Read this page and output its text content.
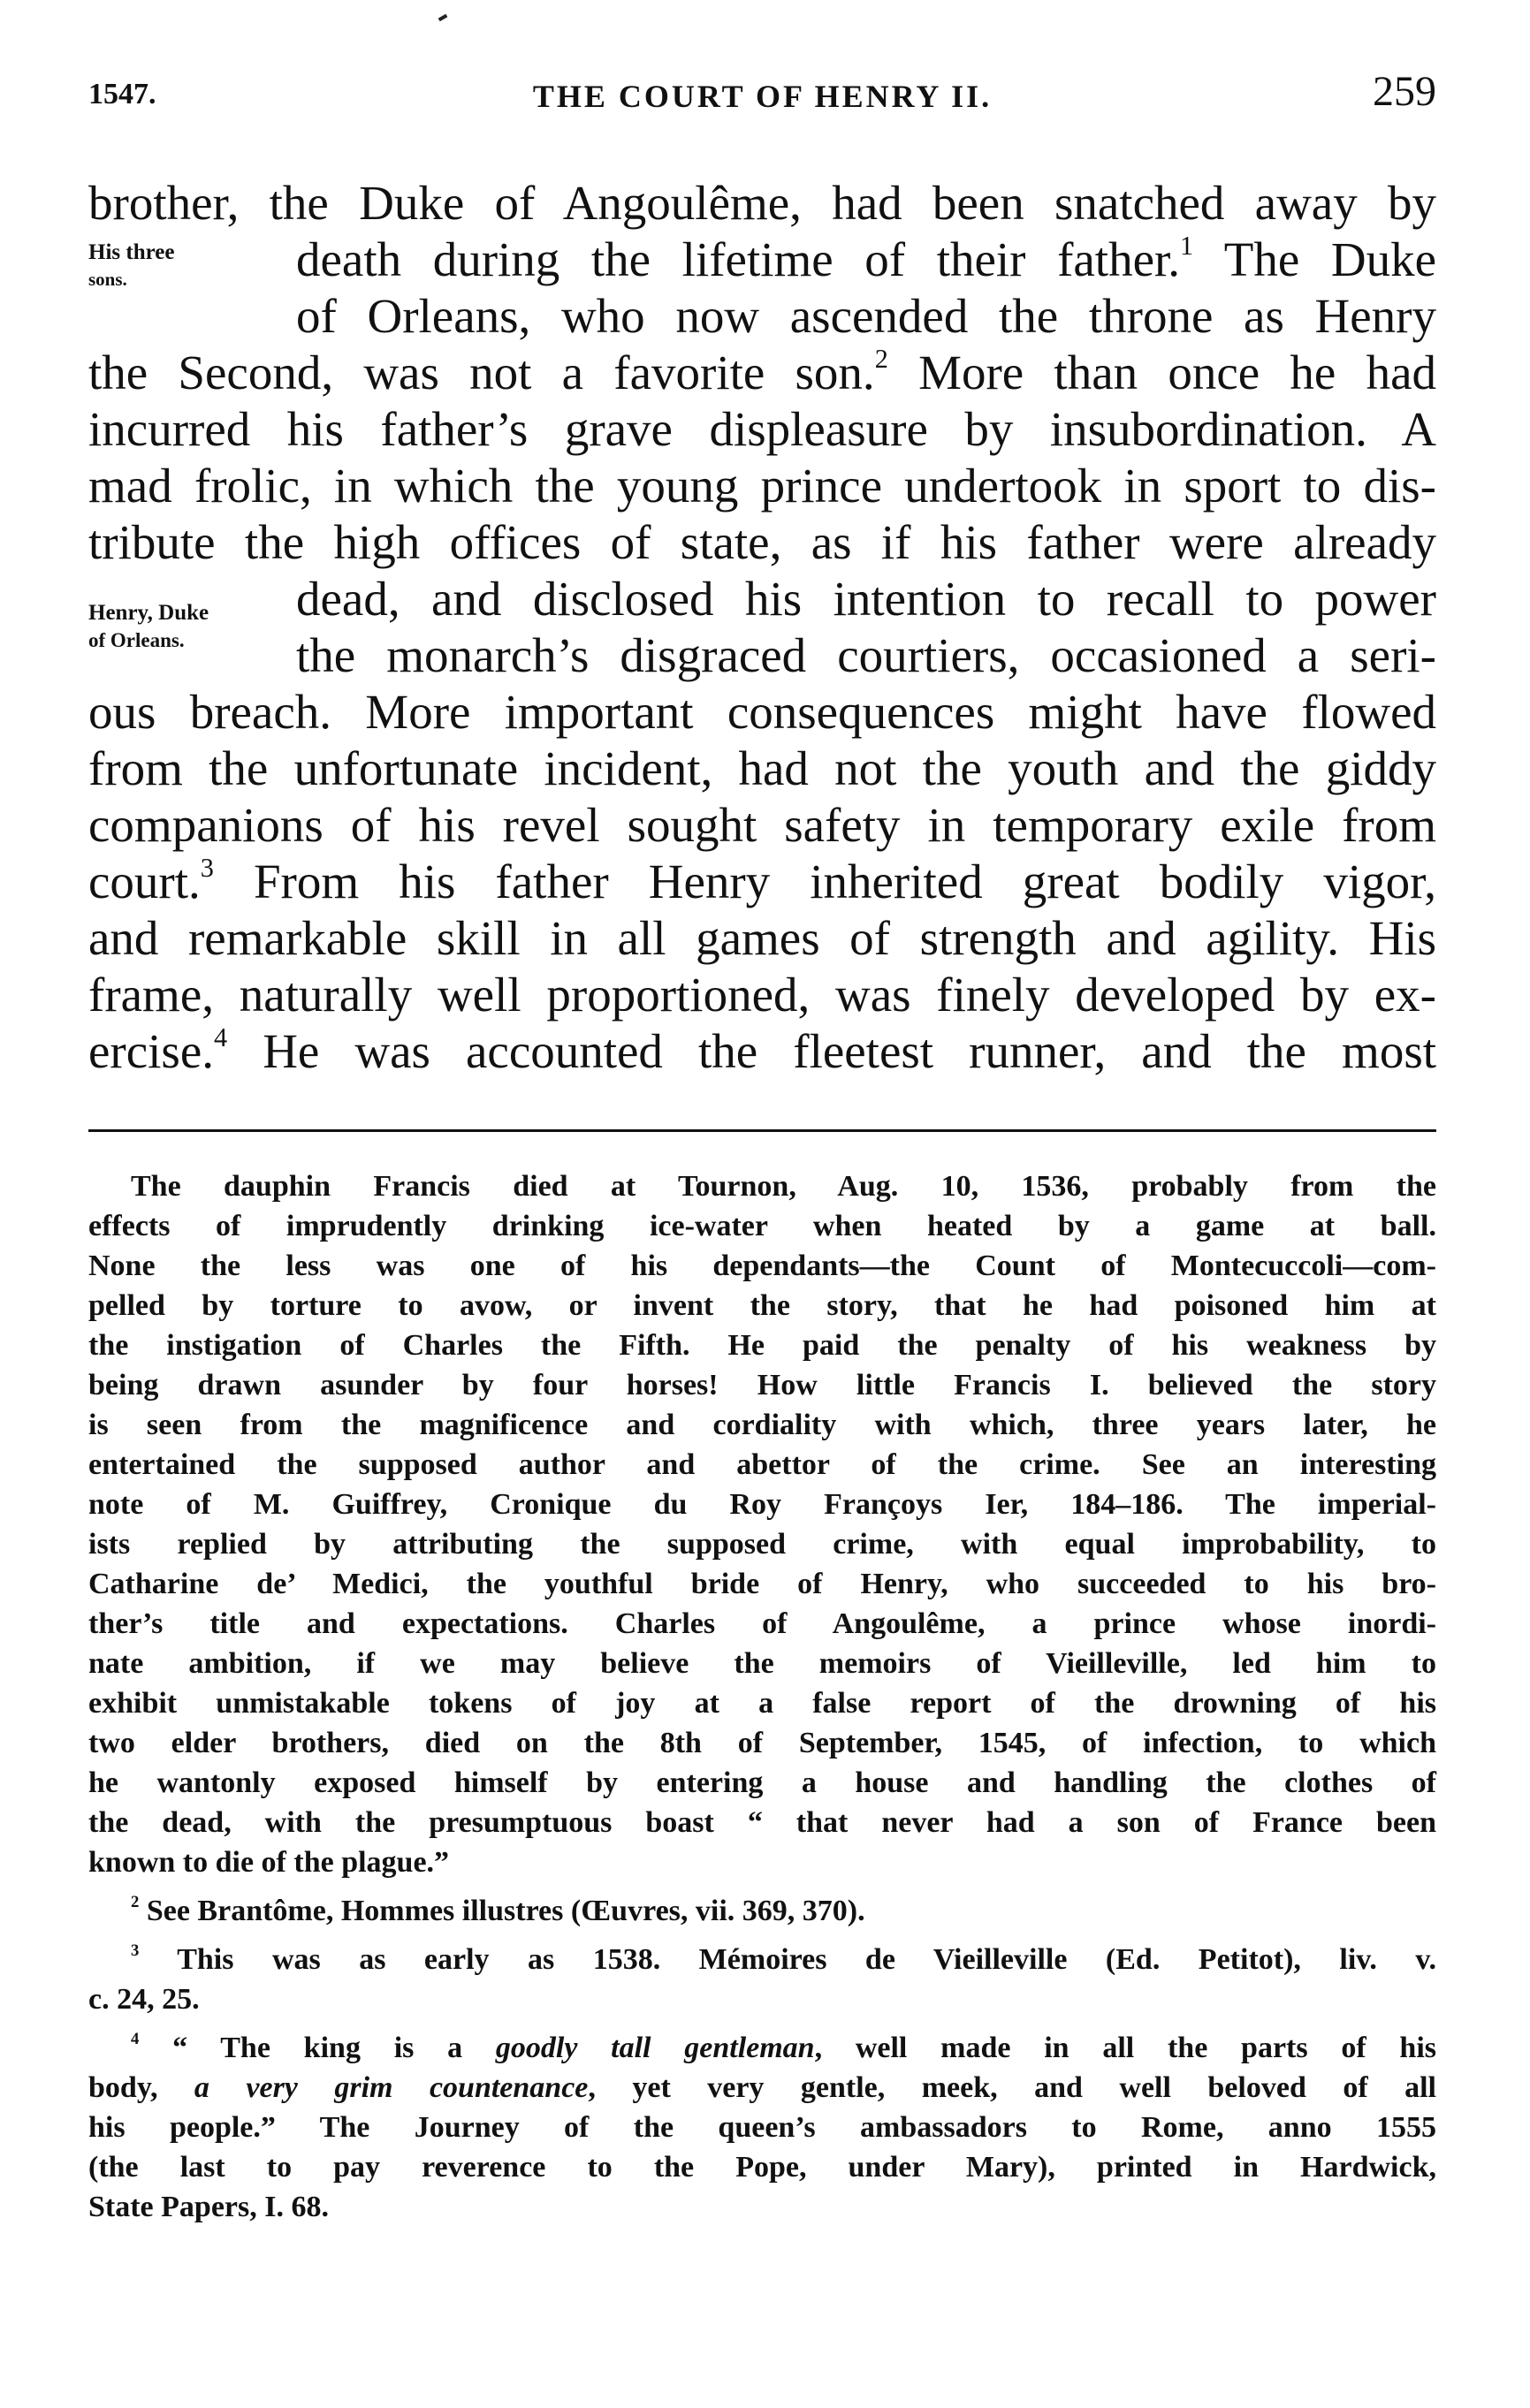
1547.	THE COURT OF HENRY II.	259
His three
sons.
Henry, Duke
of Orleans.
brother, the Duke of Angoulême, had been snatched away by
death during the lifetime of their father.$^1$ The Duke
of Orleans, who now ascended the throne as Henry
the Second, was not a favorite son.$^2$ More than once he had
incurred his father’s grave displeasure by insubordination. A
mad frolic, in which the young prince undertook in sport to dis-
tribute the high offices of state, as if his father were already
dead, and disclosed his intention to recall to power
the monarch’s disgraced courtiers, occasioned a seri-
ous breach. More important consequences might have flowed
from the unfortunate incident, had not the youth and the giddy
companions of his revel sought safety in temporary exile from
court.$^3$ From his father Henry inherited great bodily vigor,
and remarkable skill in all games of strength and agility. His
frame, naturally well proportioned, was finely developed by ex-
ercise.$^4$ He was accounted the fleetest runner, and the most
The dauphin Francis died at Tournon, Aug. 10, 1536, probably from the
effects of imprudently drinking ice-water when heated by a game at ball.
None the less was one of his dependants—the Count of Montecuccoli—com-
pelled by torture to avow, or invent the story, that he had poisoned him at
the instigation of Charles the Fifth. He paid the penalty of his weakness by
being drawn asunder by four horses! How little Francis I. believed the story
is seen from the magnificence and cordiality with which, three years later, he
entertained the supposed author and abettor of the crime. See an interesting
note of M. Guiffrey, Cronique du Roy Françoys Ier, 184–186. The imperial-
ists replied by attributing the supposed crime, with equal improbability, to
Catharine de’ Medici, the youthful bride of Henry, who succeeded to his bro-
ther’s title and expectations. Charles of Angoulême, a prince whose inordi-
nate ambition, if we may believe the memoirs of Vieilleville, led him to
exhibit unmistakable tokens of joy at a false report of the drowning of his
two elder brothers, died on the 8th of September, 1545, of infection, to which
he wantonly exposed himself by entering a house and handling the clothes of
the dead, with the presumptuous boast “ that never had a son of France been
known to die of the plague.”
$^2$ See Brantôme, Hommes illustres (Œuvres, vii. 369, 370).
$^3$ This was as early as 1538. Mémoires de Vieilleville (Ed. Petitot), liv. v.
c. 24, 25.
$^4$ “ The king is a goodly tall gentleman, well made in all the parts of his
body, a very grim countenance, yet very gentle, meek, and well beloved of all
his people.” The Journey of the queen’s ambassadors to Rome, anno 1555
(the last to pay reverence to the Pope, under Mary), printed in Hardwick,
State Papers, I. 68.
